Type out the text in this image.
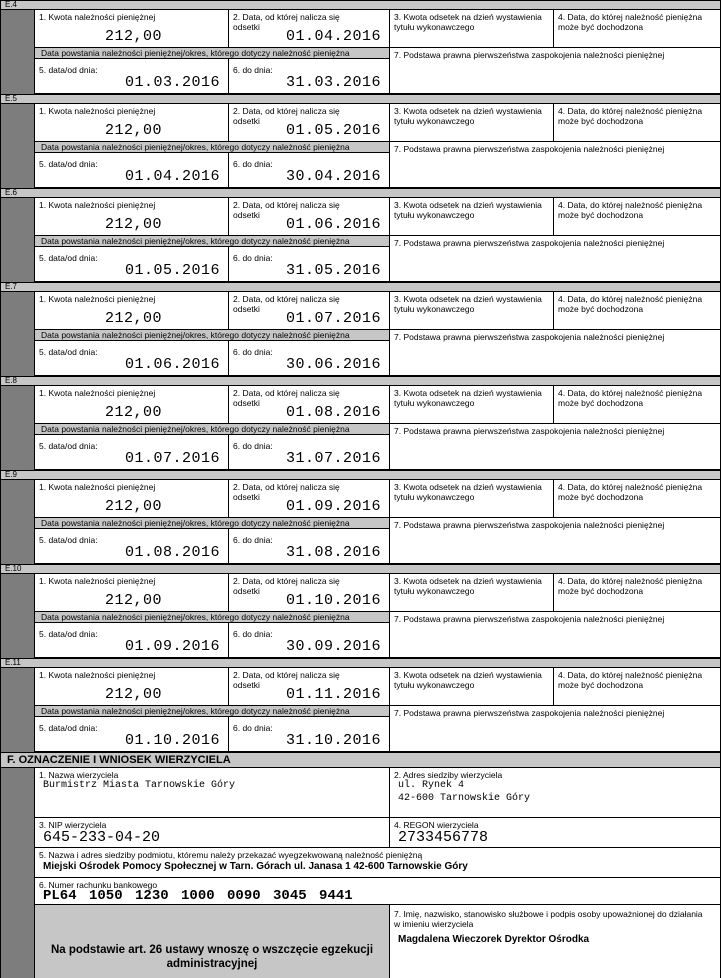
E.4
1. Kwota należności pieniężnej
212,00
2. Data, od której nalicza się odsetki
01.04.2016
3. Kwota odsetek na dzień wystawienia tytułu wykonawczego
4. Data, do której należność pieniężna może być dochodzona
Data powstania należności pieniężnej/okres, którego dotyczy należność pieniężna	7. Podstawa prawna pierwszeństwa zaspokojenia należności pieniężnej
5. data/od dnia:
01.03.2016
6. do dnia:
31.03.2016
E.5
1. Kwota należności pieniężnej
212,00
2. Data, od której nalicza się odsetki
01.05.2016
3. Kwota odsetek na dzień wystawienia tytułu wykonawczego
4. Data, do której należność pieniężna może być dochodzona
Data powstania należności pieniężnej/okres, którego dotyczy należność pieniężna	7. Podstawa prawna pierwszeństwa zaspokojenia należności pieniężnej
5. data/od dnia:
01.04.2016
6. do dnia:
30.04.2016
E.6
1. Kwota należności pieniężnej
212,00
2. Data, od której nalicza się odsetki
01.06.2016
3. Kwota odsetek na dzień wystawienia tytułu wykonawczego
4. Data, do której należność pieniężna może być dochodzona
Data powstania należności pieniężnej/okres, którego dotyczy należność pieniężna	7. Podstawa prawna pierwszeństwa zaspokojenia należności pieniężnej
5. data/od dnia:
01.05.2016
6. do dnia:
31.05.2016
E.7
1. Kwota należności pieniężnej
212,00
2. Data, od której nalicza się odsetki
01.07.2016
3. Kwota odsetek na dzień wystawienia tytułu wykonawczego
4. Data, do której należność pieniężna może być dochodzona
Data powstania należności pieniężnej/okres, którego dotyczy należność pieniężna	7. Podstawa prawna pierwszeństwa zaspokojenia należności pieniężnej
5. data/od dnia:
01.06.2016
6. do dnia:
30.06.2016
E.8
1. Kwota należności pieniężnej
212,00
2. Data, od której nalicza się odsetki
01.08.2016
3. Kwota odsetek na dzień wystawienia tytułu wykonawczego
4. Data, do której należność pieniężna może być dochodzona
Data powstania należności pieniężnej/okres, którego dotyczy należność pieniężna	7. Podstawa prawna pierwszeństwa zaspokojenia należności pieniężnej
5. data/od dnia:
01.07.2016
6. do dnia:
31.07.2016
E.9
1. Kwota należności pieniężnej
212,00
2. Data, od której nalicza się odsetki
01.09.2016
3. Kwota odsetek na dzień wystawienia tytułu wykonawczego
4. Data, do której należność pieniężna może być dochodzona
Data powstania należności pieniężnej/okres, którego dotyczy należność pieniężna	7. Podstawa prawna pierwszeństwa zaspokojenia należności pieniężnej
5. data/od dnia:
01.08.2016
6. do dnia:
31.08.2016
E.10
1. Kwota należności pieniężnej
212,00
2. Data, od której nalicza się odsetki
01.10.2016
3. Kwota odsetek na dzień wystawienia tytułu wykonawczego
4. Data, do której należność pieniężna może być dochodzona
Data powstania należności pieniężnej/okres, którego dotyczy należność pieniężna	7. Podstawa prawna pierwszeństwa zaspokojenia należności pieniężnej
5. data/od dnia:
01.09.2016
6. do dnia:
30.09.2016
E.11
1. Kwota należności pieniężnej
212,00
2. Data, od której nalicza się odsetki
01.11.2016
3. Kwota odsetek na dzień wystawienia tytułu wykonawczego
4. Data, do której należność pieniężna może być dochodzona
Data powstania należności pieniężnej/okres, którego dotyczy należność pieniężna	7. Podstawa prawna pierwszeństwa zaspokojenia należności pieniężnej
5. data/od dnia:
01.10.2016
6. do dnia:
31.10.2016
F. OZNACZENIE I WNIOSEK WIERZYCIELA
1. Nazwa wierzyciela
Burmistrz Miasta Tarnowskie Góry
2. Adres siedziby wierzyciela
ul. Rynek 4
42-600 Tarnowskie Góry
3. NIP wierzyciela
645-233-04-20
4. REGON wierzyciela
2733456778
5. Nazwa i adres siedziby podmiotu, któremu należy przekazać wyegzekwowaną należność pieniężną
Miejski Ośrodek Pomocy Społecznej w Tarn. Górach ul. Janasa 1 42-600 Tarnowskie Góry
6. Numer rachunku bankowego
PL64 1050 1230 1000 0090 3045 9441
Na podstawie art. 26 ustawy wnoszę o wszczęcie egzekucji administracyjnej
7. Imię, nazwisko, stanowisko służbowe i podpis osoby upoważnionej do działania w imieniu wierzyciela
Magdalena Wieczorek Dyrektor Ośrodka
